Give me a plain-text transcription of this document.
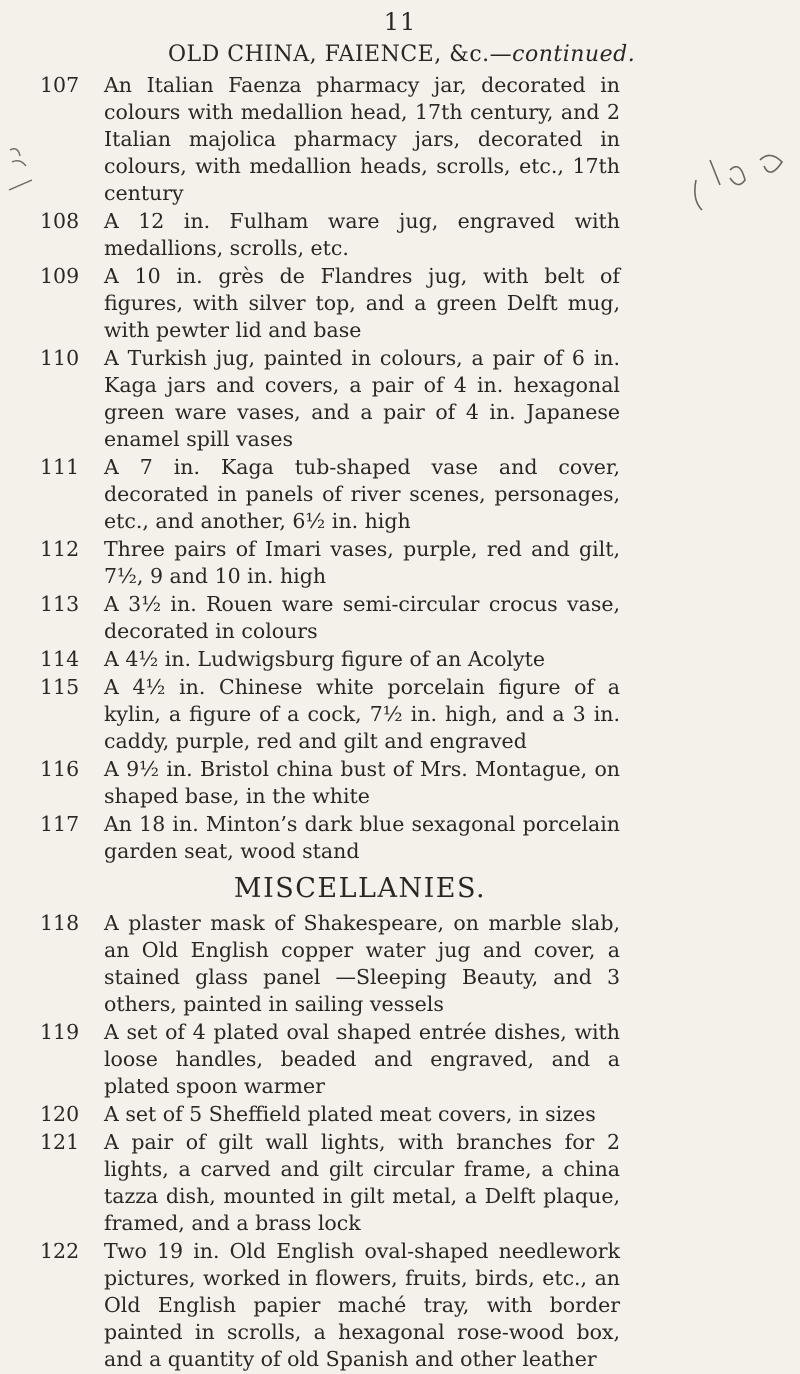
11
OLD CHINA, FAIENCE, &c.—continued.
107	An Italian Faenza pharmacy jar, decorated in colours with medallion head, 17th century, and 2 Italian majolica pharmacy jars, decorated in colours, with medallion heads, scrolls, etc., 17th century
108	A 12 in. Fulham ware jug, engraved with medallions, scrolls, etc.
109	A 10 in. grès de Flandres jug, with belt of figures, with silver top, and a green Delft mug, with pewter lid and base
110	A Turkish jug, painted in colours, a pair of 6 in. Kaga jars and covers, a pair of 4 in. hexagonal green ware vases, and a pair of 4 in. Japanese enamel spill vases
111	A 7 in. Kaga tub-shaped vase and cover, decorated in panels of river scenes, personages, etc., and another, 6½ in. high
112	Three pairs of Imari vases, purple, red and gilt, 7½, 9 and 10 in. high
113	A 3½ in. Rouen ware semi-circular crocus vase, decorated in colours
114	A 4½ in. Ludwigsburg figure of an Acolyte
115	A 4½ in. Chinese white porcelain figure of a kylin, a figure of a cock, 7½ in. high, and a 3 in. caddy, purple, red and gilt and engraved
116	A 9½ in. Bristol china bust of Mrs. Montague, on shaped base, in the white
117	An 18 in. Minton’s dark blue sexagonal porcelain garden seat, wood stand
MISCELLANIES.
118	A plaster mask of Shakespeare, on marble slab, an Old English copper water jug and cover, a stained glass panel —Sleeping Beauty, and 3 others, painted in sailing vessels
119	A set of 4 plated oval shaped entrée dishes, with loose handles, beaded and engraved, and a plated spoon warmer
120	A set of 5 Sheffield plated meat covers, in sizes
121	A pair of gilt wall lights, with branches for 2 lights, a carved and gilt circular frame, a china tazza dish, mounted in gilt metal, a Delft plaque, framed, and a brass lock
122	Two 19 in. Old English oval-shaped needlework pictures, worked in flowers, fruits, birds, etc., an Old English papier maché tray, with border painted in scrolls, a hexagonal rose-wood box, and a quantity of old Spanish and other leather
